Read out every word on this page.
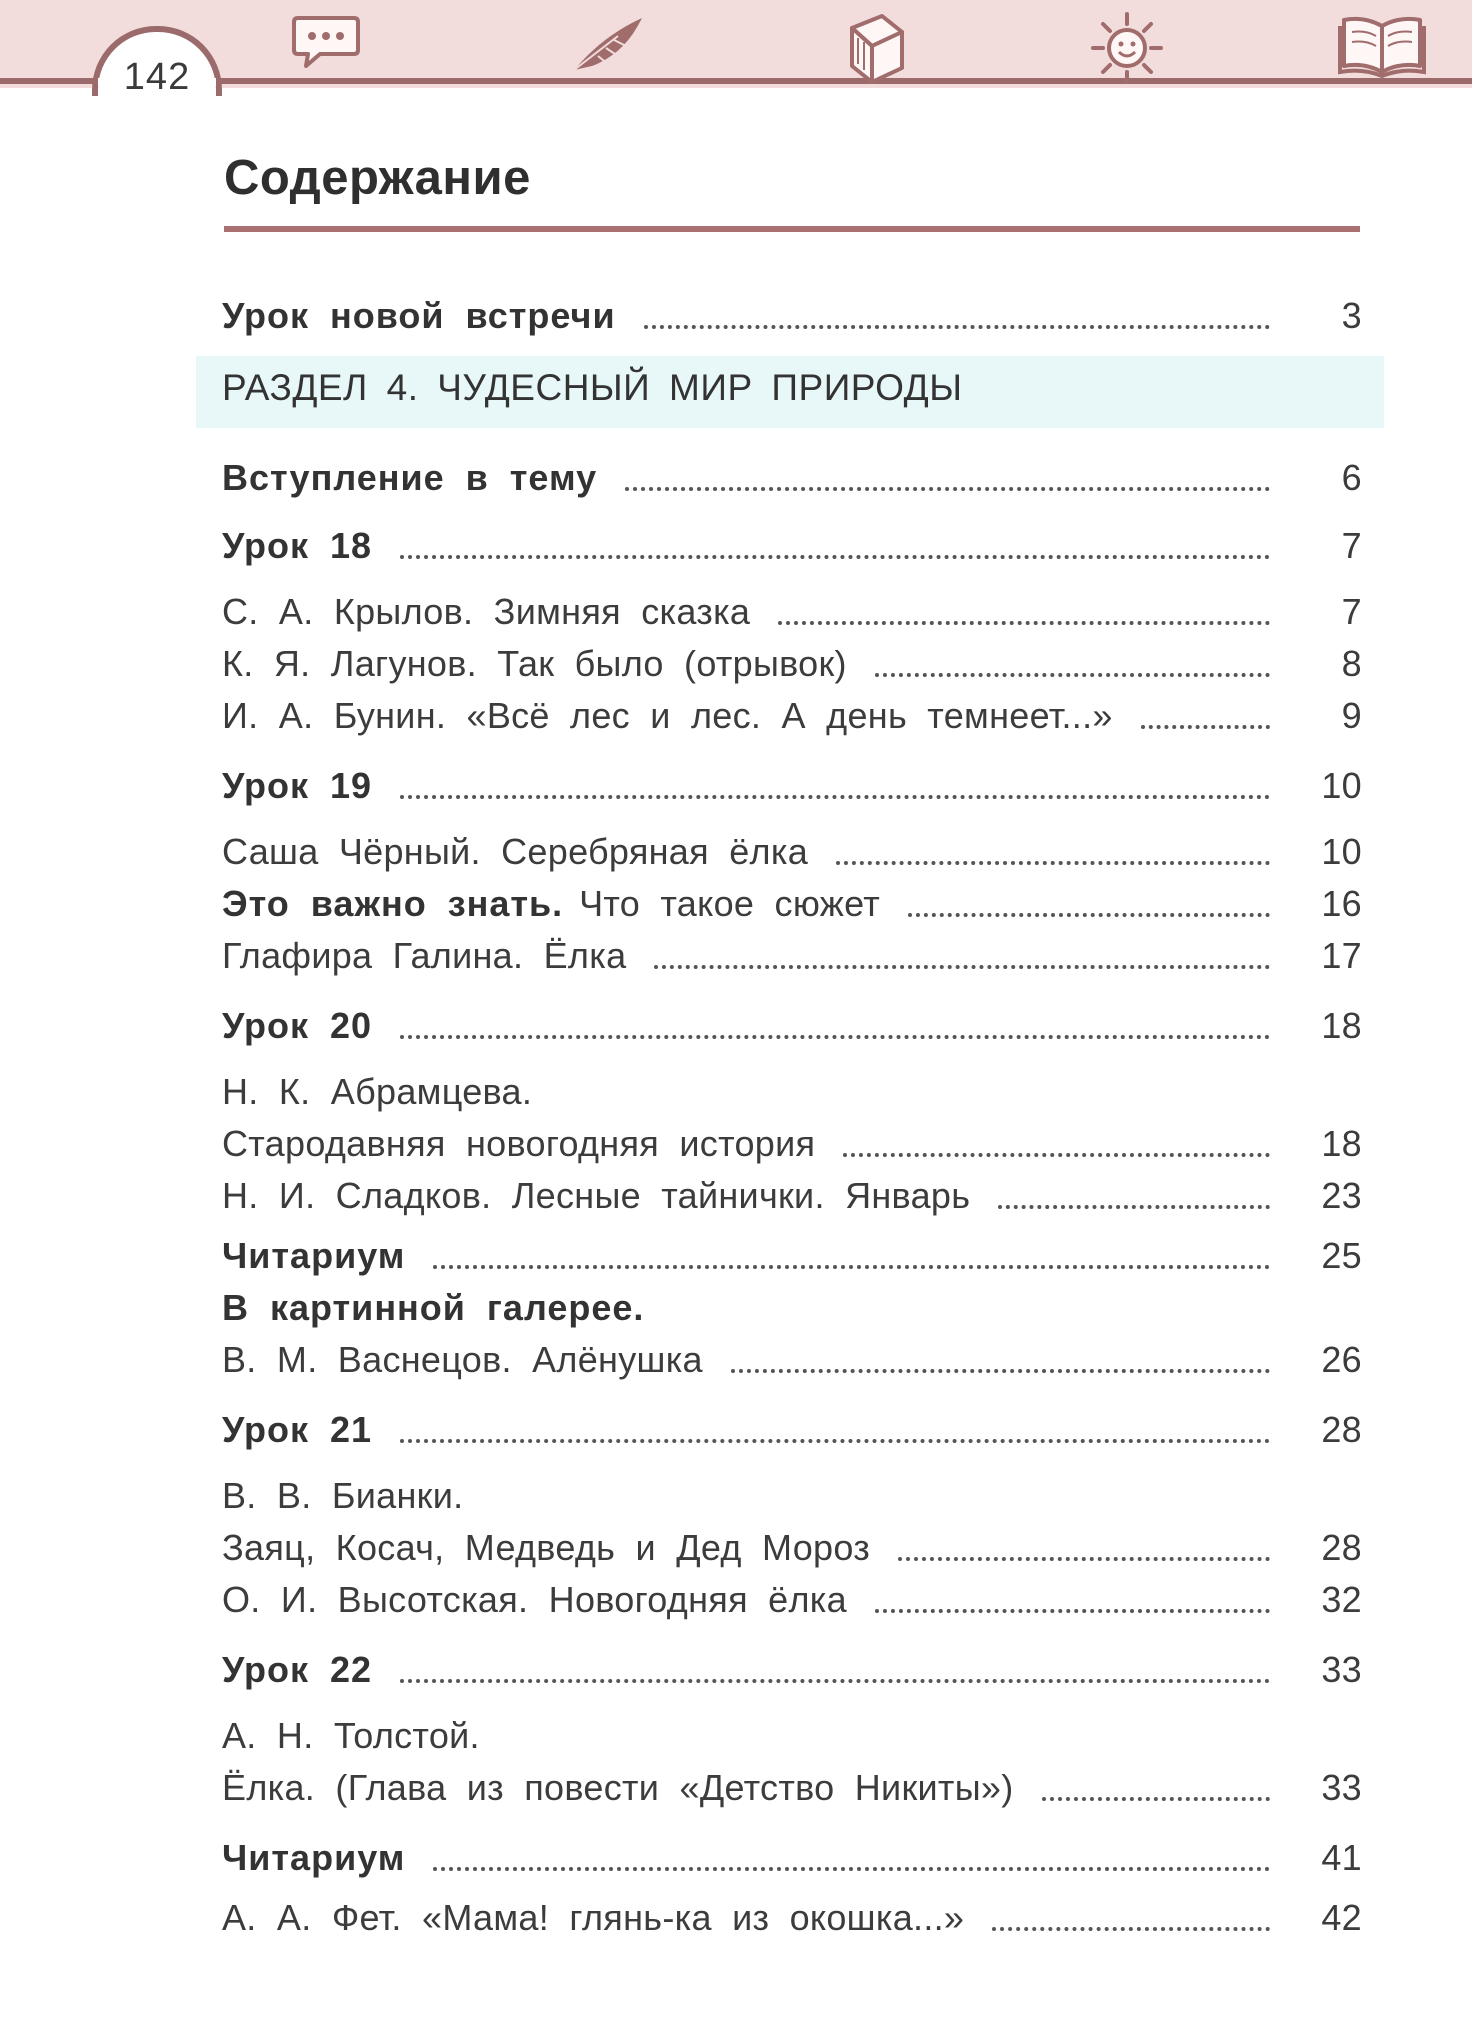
142
Содержание
Урок новой встречи	3
РАЗДЕЛ 4. ЧУДЕСНЫЙ МИР ПРИРОДЫ
Вступление в тему	6
Урок 18	7
С. А. Крылов. Зимняя сказка	7
К. Я. Лагунов. Так было (отрывок)	8
И. А. Бунин. «Всё лес и лес. А день темнеет...»	9
Урок 19	10
Саша Чёрный. Серебряная ёлка	10
Это важно знать. Что такое сюжет	16
Глафира Галина. Ёлка	17
Урок 20	18
Н. К. Абрамцева.
Стародавняя новогодняя история	18
Н. И. Сладков. Лесные тайнички. Январь	23
Читариум	25
В картинной галерее.
В. М. Васнецов. Алёнушка	26
Урок 21	28
В. В. Бианки.
Заяц, Косач, Медведь и Дед Мороз	28
О. И. Высотская. Новогодняя ёлка	32
Урок 22	33
А. Н. Толстой.
Ёлка. (Глава из повести «Детство Никиты»)	33
Читариум	41
А. А. Фет. «Мама! глянь-ка из окошка...»	42
